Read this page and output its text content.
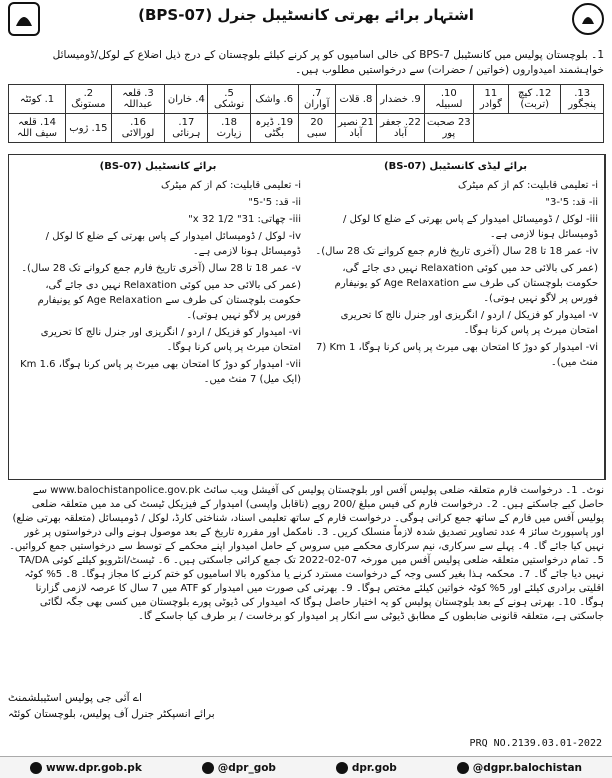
اشتہار برائے بھرتی کانسٹیبل جنرل (BPS-07)
1۔ بلوچستان پولیس میں کانسٹیبل BPS-7 کی خالی اسامیوں کو پر کرنے کیلئے بلوچستان کے درج ذیل اضلاع کے لوکل/ڈومیسائل خواہشمند امیدواروں (خواتین / حضرات) سے درخواستیں مطلوب ہیں۔
1. کوئٹہ	2. مستونگ	3. قلعہ عبداللہ	4. خاران	5. نوشکی	6. واشک	7. آواران	8. قلات	9. خضدار	10. لسبیلہ	11 گوادر	12. کیچ (تربت)	13. پنجگور
14. قلعہ سیف اللہ	15. ژوب	16. لورالائی	17. ہرنائی	18. زیارت	19. ڈیرہ بگٹی	20 سبی	21 نصیر آباد	22. جعفر آباد	23 صحبت پور			
برائے کانسٹیبل (BS-07)
i- تعلیمی قابلیت: کم از کم میٹرک
ii- قد: 5'-5"
iii- چھاتی: 31" x 32 1/2"
iv- لوکل / ڈومیسائل امیدوار کے پاس بھرتی کے ضلع کا لوکل / ڈومیسائل ہونا لازمی ہے۔
v- عمر 18 تا 28 سال (آخری تاریخ فارم جمع کروانے تک 28 سال)۔
(عمر کی بالائی حد میں کوئی Relaxation نہیں دی جائے گی، حکومت بلوچستان کی طرف سے Age Relaxation کو یونیفارم فورس پر لاگو نہیں ہوتی)۔
vi- امیدوار کو فزیکل / اردو / انگریزی اور جنرل نالج کا تحریری امتحان میرٹ پر پاس کرنا ہوگا۔
vii- امیدوار کو دوڑ کا امتحان بھی میرٹ پر پاس کرنا ہوگا، 1.6 Km (ایک میل) 7 منٹ میں۔
برائے لیڈی کانسٹیبل (BS-07)
i- تعلیمی قابلیت: کم از کم میٹرک
ii- قد: 5'-3"
iii- لوکل / ڈومیسائل امیدوار کے پاس بھرتی کے ضلع کا لوکل / ڈومیسائل ہونا لازمی ہے۔
iv- عمر 18 تا 28 سال (آخری تاریخ فارم جمع کروانے تک 28 سال)۔
(عمر کی بالائی حد میں کوئی Relaxation نہیں دی جائے گی، حکومت بلوچستان کی طرف سے Age Relaxation کو یونیفارم فورس پر لاگو نہیں ہوتی)۔
v- امیدوار کو فزیکل / اردو / انگریزی اور جنرل نالج کا تحریری امتحان میرٹ پر پاس کرنا ہوگا۔
vi- امیدوار کو دوڑ کا امتحان بھی میرٹ پر پاس کرنا ہوگا، 1 Km (7 منٹ میں)۔
نوٹ۔ 1۔ درخواست فارم متعلقہ ضلعی پولیس آفس اور بلوچستان پولیس کی آفیشل ویب سائٹ www.balochistanpolice.gov.pk سے حاصل کیے جاسکتے ہیں۔ 2۔ درخواست فارم کی فیس مبلغ /200 روپے (ناقابل واپسی) امیدوار کے فیزیکل ٹیسٹ کی مد میں متعلقہ ضلعی پولیس آفس میں فارم کے ساتھ جمع کرانی ہوگی۔ درخواست فارم کے ساتھ تعلیمی اسناد، شناختی کارڈ، لوکل / ڈومیسائل (متعلقہ بھرتی ضلع) اور پاسپورٹ سائز 4 عدد تصاویر تصدیق شدہ لازماً منسلک کریں۔ 3۔ نامکمل اور مقررہ تاریخ کے بعد موصول ہونے والی درخواستوں پر غور نہیں کیا جائے گا۔ 4۔ پہلے سے سرکاری، نیم سرکاری محکمے میں سروس کے حامل امیدوار اپنے محکمے کے توسط سے درخواستیں جمع کروائیں۔ 5۔ تمام درخواستیں متعلقہ ضلعی پولیس آفس میں مورخہ 07-02-2022 تک جمع کرائی جاسکتی ہیں۔ 6۔ ٹیسٹ/انٹرویو کیلئے کوئی TA/DA نہیں دیا جائے گا۔ 7۔ محکمہ ہذا بغیر کسی وجہ کے درخواست مسترد کرنے یا مذکورہ بالا اسامیوں کو ختم کرنے کا مجاز ہوگا۔ 8۔ 5% کوٹہ اقلیتی برادری کیلئے اور 5% کوٹہ خواتین کیلئے مختص ہوگا۔ 9۔ بھرتی کی صورت میں امیدوار کو ATF میں 7 سال کا عرصہ لازمی گزارنا ہوگا۔ 10۔ بھرتی ہونے کے بعد بلوچستان پولیس کو یہ اختیار حاصل ہوگا کہ امیدوار کی ڈیوٹی پورے بلوچستان میں کسی بھی جگہ لگائی جاسکتی ہے، متعلقہ قانونی ضابطوں کے مطابق ڈیوٹی سے انکار پر امیدوار کو برخاست / بر طرف کیا جاسکے گا۔
اے آئی جی پولیس اسٹیبلشمنٹ
برائے انسپکٹر جنرل آف پولیس، بلوچستان کوئٹہ
PRQ NO.2139.03.01-2022
www.dpr.gob.pk	@dpr_gob	dpr.gob	@dgpr.balochistan
